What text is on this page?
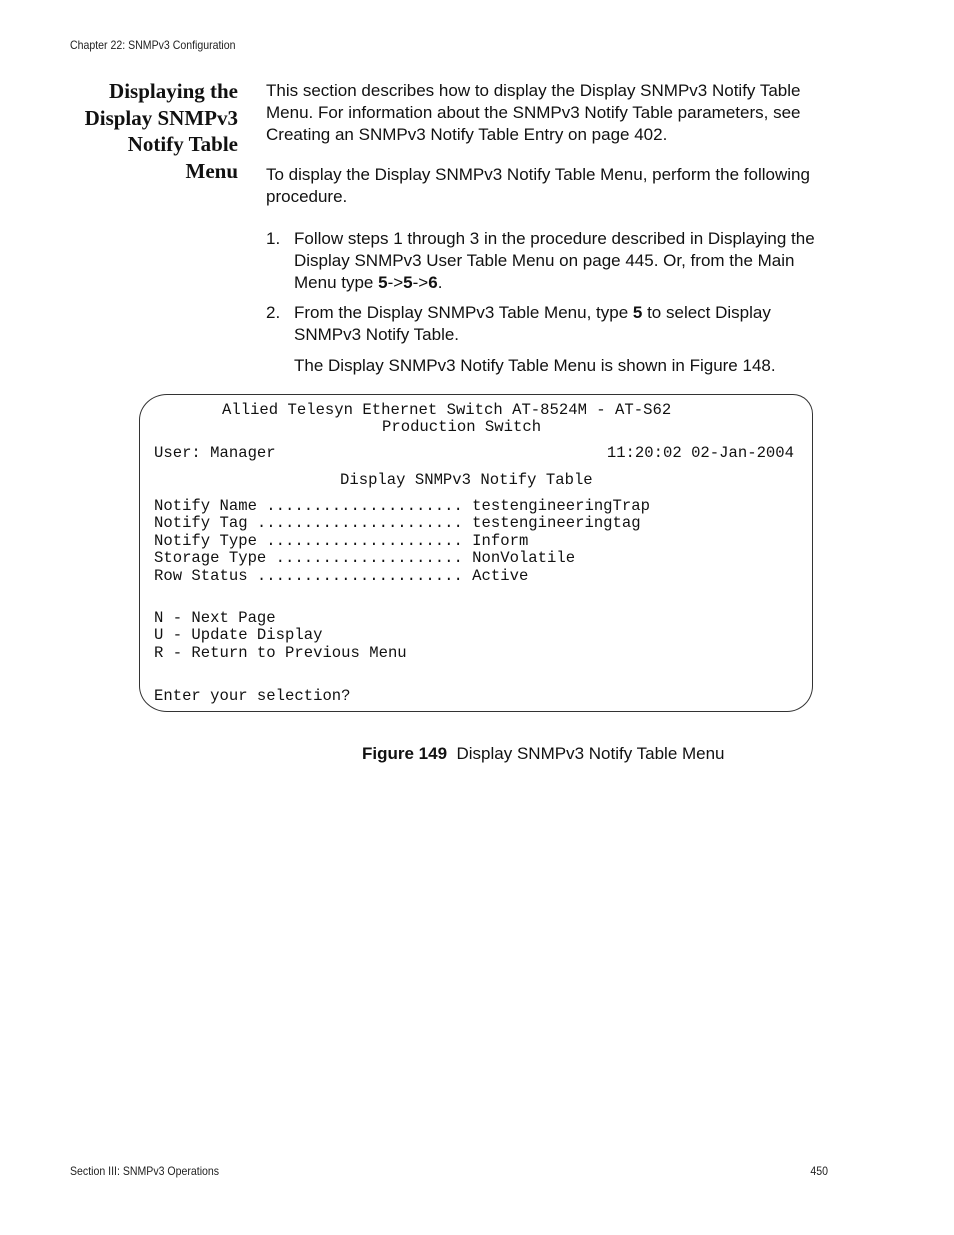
Chapter 22: SNMPv3 Configuration
Displaying the
Display SNMPv3
Notify Table
Menu
This section describes how to display the Display SNMPv3 Notify Table Menu. For information about the SNMPv3 Notify Table parameters, see Creating an SNMPv3 Notify Table Entry on page 402.
To display the Display SNMPv3 Notify Table Menu, perform the following procedure.
1. Follow steps 1 through 3 in the procedure described in Displaying the Display SNMPv3 User Table Menu on page 445. Or, from the Main Menu type 5->5->6.
2. From the Display SNMPv3 Table Menu, type 5 to select Display SNMPv3 Notify Table.
The Display SNMPv3 Notify Table Menu is shown in Figure 148.
Allied Telesyn Ethernet Switch AT-8524M - AT-S62
Production Switch
User: Manager	11:20:02 02-Jan-2004
Display SNMPv3 Notify Table
Notify Name ..................... testengineeringTrap
Notify Tag ...................... testengineeringtag
Notify Type ..................... Inform
Storage Type .................... NonVolatile
Row Status ...................... Active
N - Next Page
U - Update Display
R - Return to Previous Menu
Enter your selection?
Figure 149 Display SNMPv3 Notify Table Menu
Section III: SNMPv3 Operations	450
